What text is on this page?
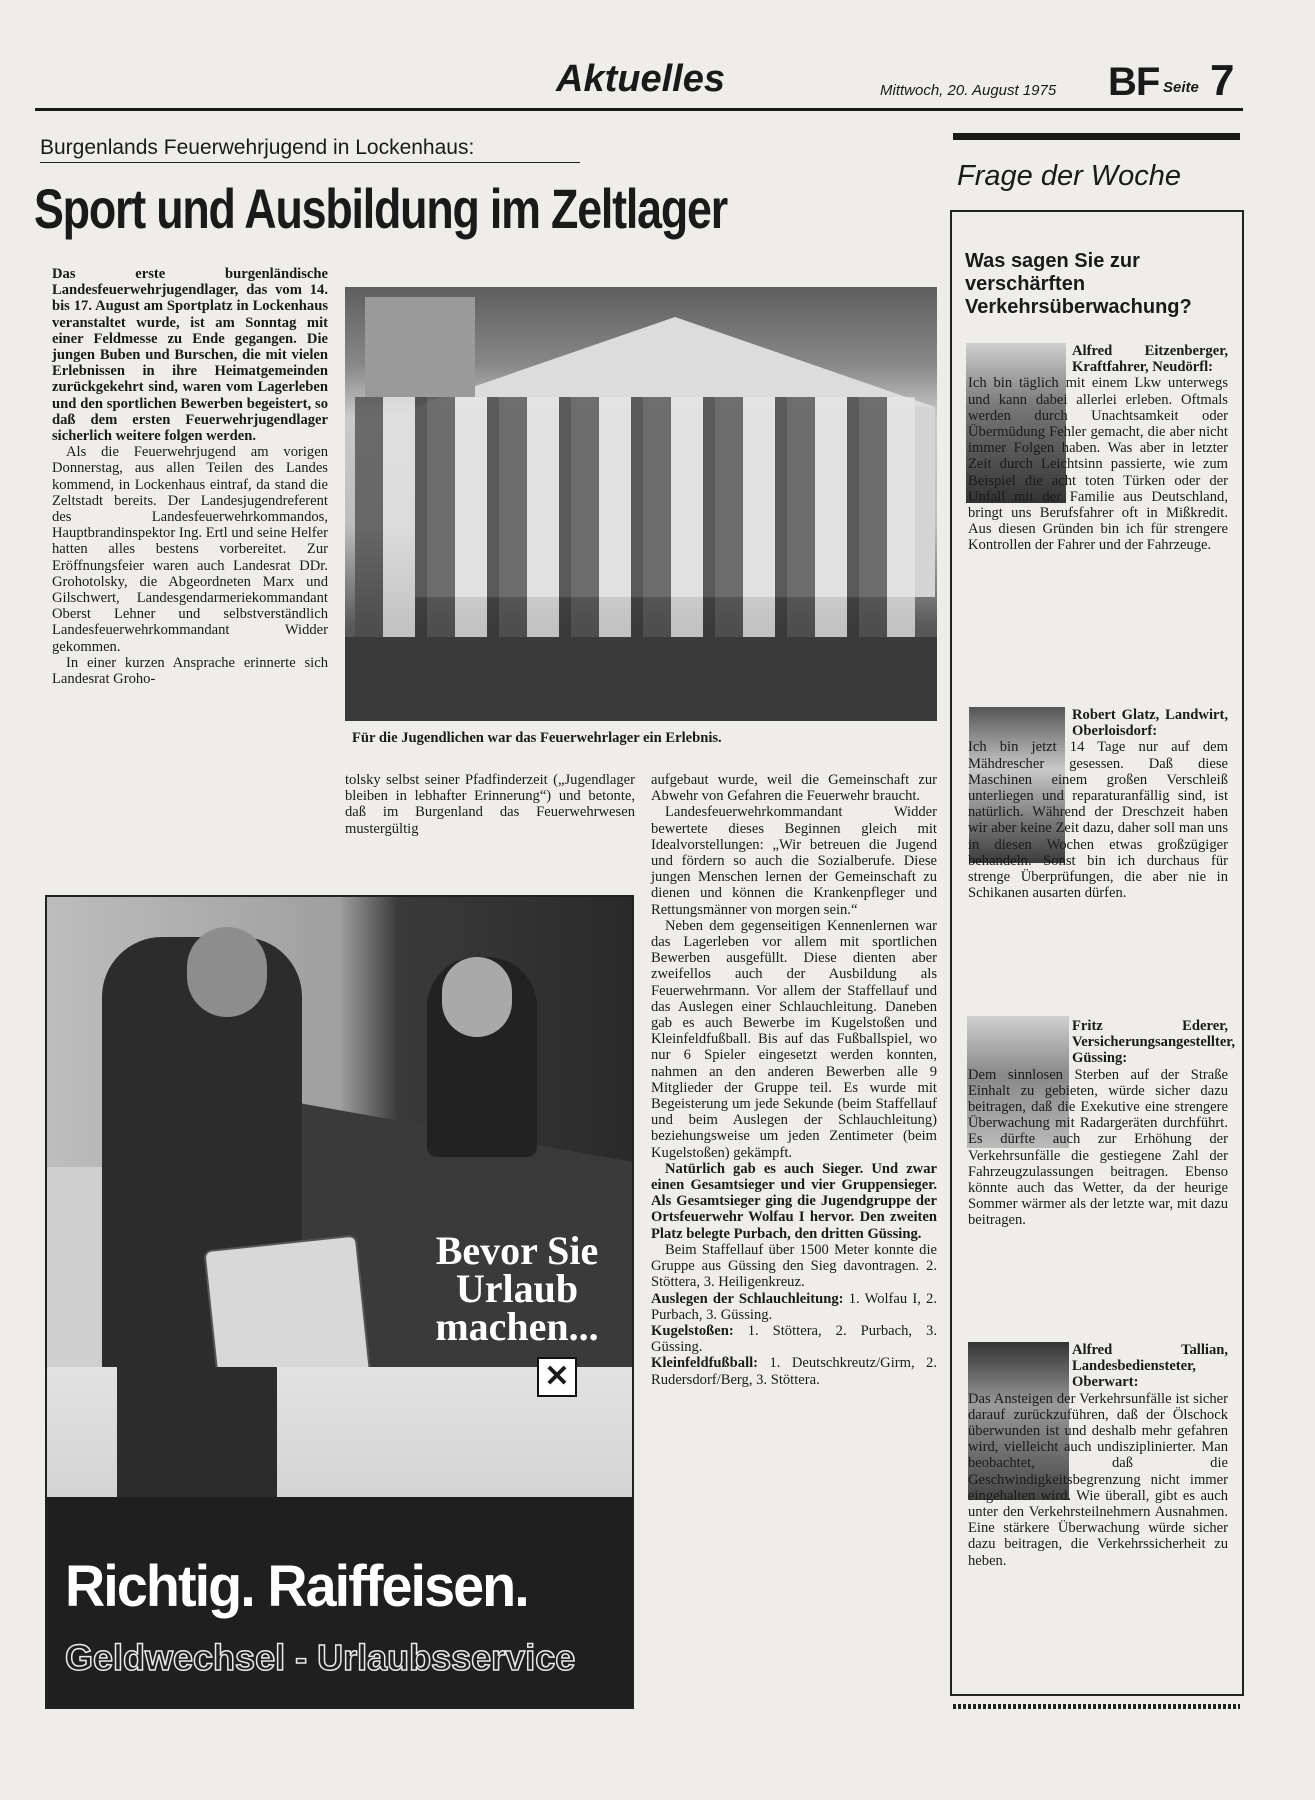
Aktuelles	Mittwoch, 20. August 1975 BF Seite 7
Burgenlands Feuerwehrjugend in Lockenhaus:
Sport und Ausbildung im Zeltlager

Das erste burgenländische Landesfeuerwehrjugendlager, das vom 14. bis 17. August am Sportplatz in Lockenhaus veranstaltet wurde, ist am Sonntag mit einer Feldmesse zu Ende gegangen. Die jungen Buben und Burschen, die mit vielen Erlebnissen in ihre Heimatgemeinden zurückgekehrt sind, waren vom Lagerleben und den sportlichen Bewerben begeistert, so daß dem ersten Feuerwehrjugendlager sicherlich weitere folgen werden.

Als die Feuerwehrjugend am vorigen Donnerstag, aus allen Teilen des Landes kommend, in Lockenhaus eintraf, da stand die Zeltstadt bereits. Der Landesjugendreferent des Landesfeuerwehrkommandos, Hauptbrandinspektor Ing. Ertl und seine Helfer hatten alles bestens vorbereitet. Zur Eröffnungsfeier waren auch Landesrat DDr. Grohotolsky, die Abgeordneten Marx und Gilschwert, Landesgendarmeriekommandant Oberst Lehner und selbstverständlich Landesfeuerwehrkommandant Widder gekommen.

In einer kurzen Ansprache erinnerte sich Landesrat Groho-

Für die Jugendlichen war das Feuerwehrlager ein Erlebnis.

tolsky selbst seiner Pfadfinderzeit („Jugendlager bleiben in lebhafter Erinnerung“) und betonte, daß im Burgenland das Feuerwehrwesen mustergültig

aufgebaut wurde, weil die Gemeinschaft zur Abwehr von Gefahren die Feuerwehr braucht.

Landesfeuerwehrkommandant Widder bewertete dieses Beginnen gleich mit Idealvorstellungen: „Wir betreuen die Jugend und fördern so auch die Sozialberufe. Diese jungen Menschen lernen der Gemeinschaft zu dienen und können die Krankenpfleger und Rettungsmänner von morgen sein.“

Neben dem gegenseitigen Kennenlernen war das Lagerleben vor allem mit sportlichen Bewerben ausgefüllt. Diese dienten aber zweifellos auch der Ausbildung als Feuerwehrmann. Vor allem der Staffellauf und das Auslegen einer Schlauchleitung. Daneben gab es auch Bewerbe im Kugelstoßen und Kleinfeldfußball. Bis auf das Fußballspiel, wo nur 6 Spieler eingesetzt werden konnten, nahmen an den anderen Bewerben alle 9 Mitglieder der Gruppe teil. Es wurde mit Begeisterung um jede Sekunde (beim Staffellauf und beim Auslegen der Schlauchleitung) beziehungsweise um jeden Zentimeter (beim Kugelstoßen) gekämpft.

Natürlich gab es auch Sieger. Und zwar einen Gesamtsieger und vier Gruppensieger. Als Gesamtsieger ging die Jugendgruppe der Ortsfeuerwehr Wolfau I hervor. Den zweiten Platz belegte Purbach, den dritten Güssing.

Beim Staffellauf über 1500 Meter konnte die Gruppe aus Güssing den Sieg davontragen. 2. Stöttera, 3. Heiligenkreuz.

Auslegen der Schlauchleitung: 1. Wolfau I, 2. Purbach, 3. Güssing.

Kugelstoßen: 1. Stöttera, 2. Purbach, 3. Güssing.

Kleinfeldfußball: 1. Deutschkreutz/Girm, 2. Rudersdorf/Berg, 3. Stöttera.

Bevor Sie
Urlaub
machen...
✕
Richtig. Raiffeisen.
Geldwechsel - Urlaubsservice
Frage der Woche
Was sagen Sie zur verschärften Verkehrsüberwachung?

Alfred Eitzenberger, Kraftfahrer, Neudörfl:
Ich bin täglich mit einem Lkw unterwegs und kann dabei allerlei erleben. Oftmals werden durch Unachtsamkeit oder Übermüdung Fehler gemacht, die aber nicht immer Folgen haben. Was aber in letzter Zeit durch Leichtsinn passierte, wie zum Beispiel die acht toten Türken oder der Unfall mit der Familie aus Deutschland, bringt uns Berufsfahrer oft in Mißkredit. Aus diesen Gründen bin ich für strengere Kontrollen der Fahrer und der Fahrzeuge.

Robert Glatz, Landwirt, Oberloisdorf:
Ich bin jetzt 14 Tage nur auf dem Mähdrescher gesessen. Daß diese Maschinen einem großen Verschleiß unterliegen und reparaturanfällig sind, ist natürlich. Während der Dreschzeit haben wir aber keine Zeit dazu, daher soll man uns in diesen Wochen etwas großzügiger behandeln. Sonst bin ich durchaus für strenge Überprüfungen, die aber nie in Schikanen ausarten dürfen.

Fritz Ederer, Versicherungsangestellter, Güssing:
Dem sinnlosen Sterben auf der Straße Einhalt zu gebieten, würde sicher dazu beitragen, daß die Exekutive eine strengere Überwachung mit Radargeräten durchführt. Es dürfte auch zur Erhöhung der Verkehrsunfälle die gestiegene Zahl der Fahrzeugzulassungen beitragen. Ebenso könnte auch das Wetter, da der heurige Sommer wärmer als der letzte war, mit dazu beitragen.

Alfred Tallian, Landesbediensteter, Oberwart:
Das Ansteigen der Verkehrsunfälle ist sicher darauf zurückzuführen, daß der Ölschock überwunden ist und deshalb mehr gefahren wird, vielleicht auch undisziplinierter. Man beobachtet, daß die Geschwindigkeitsbegrenzung nicht immer eingehalten wird. Wie überall, gibt es auch unter den Verkehrsteilnehmern Ausnahmen. Eine stärkere Überwachung würde sicher dazu beitragen, die Verkehrssicherheit zu heben.
